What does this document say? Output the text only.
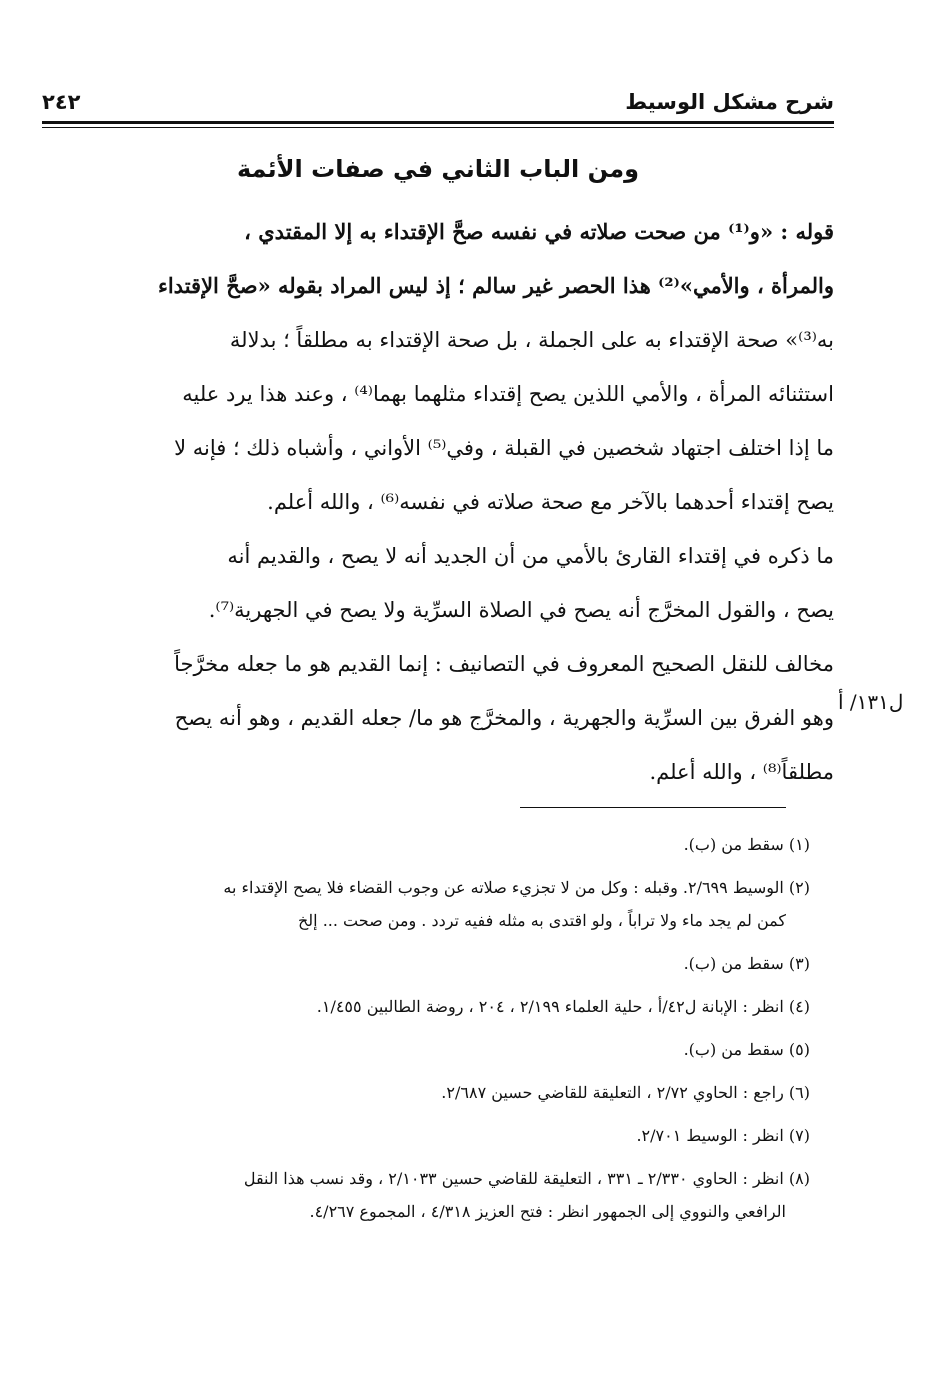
شرح مشكل الوسيط
٢٤٢
ومن الباب الثاني في صفات الأئمة
قوله : «و⁽¹⁾ من صحت صلاته في نفسه صحَّ الإقتداء به إلا المقتدي ،
والمرأة ، والأمي»⁽²⁾ هذا الحصر غير سالم ؛ إذ ليس المراد بقوله «صحَّ الإقتداء
به⁽³⁾» صحة الإقتداء به على الجملة ، بل صحة الإقتداء به مطلقاً ؛ بدلالة
استثنائه المرأة ، والأمي اللذين يصح إقتداء مثلهما بهما⁽⁴⁾ ، وعند هذا يرد عليه
ما إذا اختلف اجتهاد شخصين في القبلة ، وفي⁽⁵⁾ الأواني ، وأشباه ذلك ؛ فإنه لا
يصح إقتداء أحدهما بالآخر مع صحة صلاته في نفسه⁽⁶⁾ ، والله أعلم.
ما ذكره في إقتداء القارئ بالأمي من أن الجديد أنه لا يصح ، والقديم أنه
يصح ، والقول المخرَّج أنه يصح في الصلاة السرِّية ولا يصح في الجهرية⁽⁷⁾.
مخالف للنقل الصحيح المعروف في التصانيف : إنما القديم هو ما جعله مخرَّجاً
وهو الفرق بين السرِّية والجهرية ، والمخرَّج هو ما/ جعله القديم ، وهو أنه يصح
مطلقاً⁽⁸⁾ ، والله أعلم.
ل١٣١/ أ
(١) سقط من (ب).
(٢) الوسيط ٢/٦٩٩. وقبله : وكل من لا تجزيء صلاته عن وجوب القضاء فلا يصح الإقتداء به
كمن لم يجد ماء ولا تراباً ، ولو اقتدى به مثله ففيه تردد . ومن صحت ... إلخ
(٣) سقط من (ب).
(٤) انظر : الإبانة ل٤٢/أ ، حلية العلماء ٢/١٩٩ ، ٢٠٤ ، روضة الطالبين ١/٤٥٥.
(٥) سقط من (ب).
(٦) راجع : الحاوي ٢/٧٢ ، التعليقة للقاضي حسين ٢/٦٨٧.
(٧) انظر : الوسيط ٢/٧٠١.
(٨) انظر : الحاوي ٢/٣٣٠ ـ ٣٣١ ، التعليقة للقاضي حسين ٢/١٠٣٣ ، وقد نسب هذا النقل
الرافعي والنووي إلى الجمهور انظر : فتح العزيز ٤/٣١٨ ، المجموع ٤/٢٦٧.
